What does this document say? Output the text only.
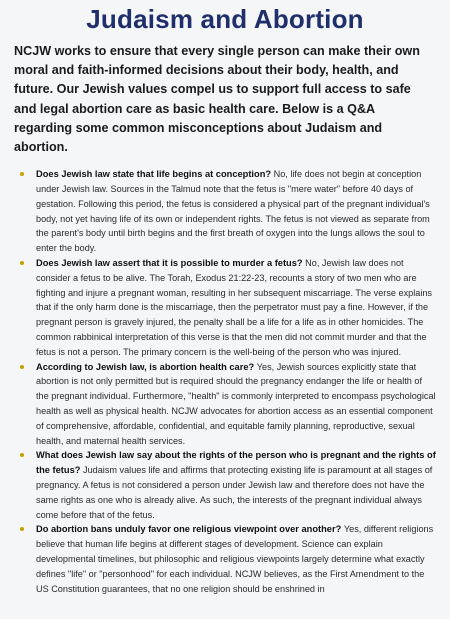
Judaism and Abortion

NCJW works to ensure that every single person can make their own moral and faith-informed decisions about their body, health, and future. Our Jewish values compel us to support full access to safe and legal abortion care as basic health care. Below is a Q&A regarding some common misconceptions about Judaism and abortion.

Does Jewish law state that life begins at conception? No, life does not begin at conception under Jewish law. Sources in the Talmud note that the fetus is "mere water" before 40 days of gestation. Following this period, the fetus is considered a physical part of the pregnant individual's body, not yet having life of its own or independent rights. The fetus is not viewed as separate from the parent's body until birth begins and the first breath of oxygen into the lungs allows the soul to enter the body.
Does Jewish law assert that it is possible to murder a fetus? No, Jewish law does not consider a fetus to be alive. The Torah, Exodus 21:22-23, recounts a story of two men who are fighting and injure a pregnant woman, resulting in her subsequent miscarriage. The verse explains that if the only harm done is the miscarriage, then the perpetrator must pay a fine. However, if the pregnant person is gravely injured, the penalty shall be a life for a life as in other homicides. The common rabbinical interpretation of this verse is that the men did not commit murder and that the fetus is not a person. The primary concern is the well-being of the person who was injured.
According to Jewish law, is abortion health care? Yes, Jewish sources explicitly state that abortion is not only permitted but is required should the pregnancy endanger the life or health of the pregnant individual. Furthermore, "health" is commonly interpreted to encompass psychological health as well as physical health. NCJW advocates for abortion access as an essential component of comprehensive, affordable, confidential, and equitable family planning, reproductive, sexual health, and maternal health services.
What does Jewish law say about the rights of the person who is pregnant and the rights of the fetus? Judaism values life and affirms that protecting existing life is paramount at all stages of pregnancy. A fetus is not considered a person under Jewish law and therefore does not have the same rights as one who is already alive. As such, the interests of the pregnant individual always come before that of the fetus.
Do abortion bans unduly favor one religious viewpoint over another? Yes, different religions believe that human life begins at different stages of development. Science can explain developmental timelines, but philosophic and religious viewpoints largely determine what exactly defines "life" or "personhood" for each individual. NCJW believes, as the First Amendment to the US Constitution guarantees, that no one religion should be enshrined in
